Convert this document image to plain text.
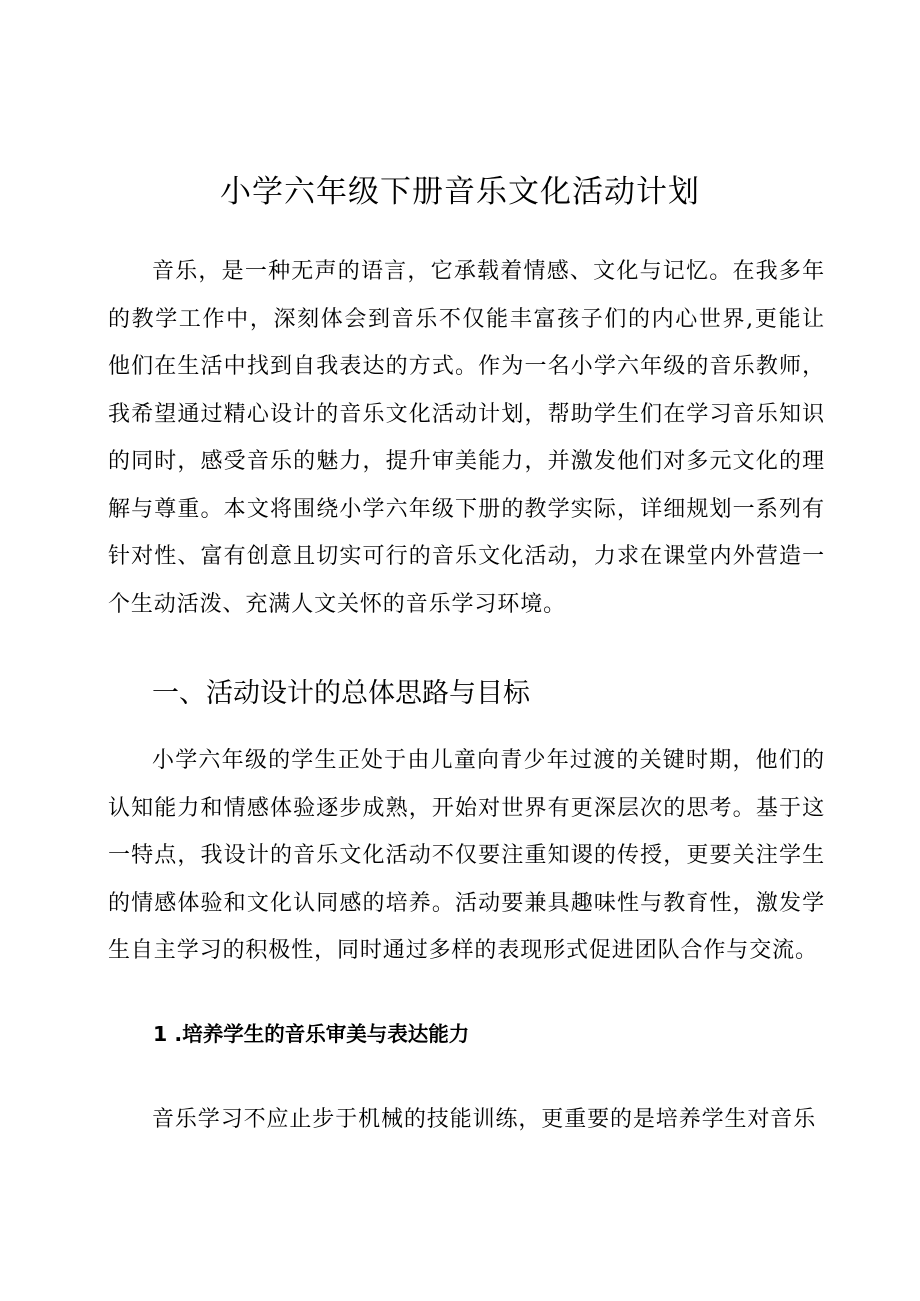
小学六年级下册音乐文化活动计划

音乐，是一种无声的语言，它承载着情感、文化与记忆。在我多年的教学工作中，深刻体会到音乐不仅能丰富孩子们的内心世界,更能让他们在生活中找到自我表达的方式。作为一名小学六年级的音乐教师，我希望通过精心设计的音乐文化活动计划，帮助学生们在学习音乐知识的同时，感受音乐的魅力，提升审美能力，并激发他们对多元文化的理解与尊重。本文将围绕小学六年级下册的教学实际，详细规划一系列有针对性、富有创意且切实可行的音乐文化活动，力求在课堂内外营造一个生动活泼、充满人文关怀的音乐学习环境。

一、活动设计的总体思路与目标

小学六年级的学生正处于由儿童向青少年过渡的关键时期，他们的认知能力和情感体验逐步成熟，开始对世界有更深层次的思考。基于这一特点，我设计的音乐文化活动不仅要注重知谡的传授，更要关注学生的情感体验和文化认同感的培养。活动要兼具趣味性与教育性，激发学生自主学习的积极性，同时通过多样的表现形式促进团队合作与交流。

1 .培养学生的音乐审美与表达能力

音乐学习不应止步于机械的技能训练，更重要的是培养学生对音乐
